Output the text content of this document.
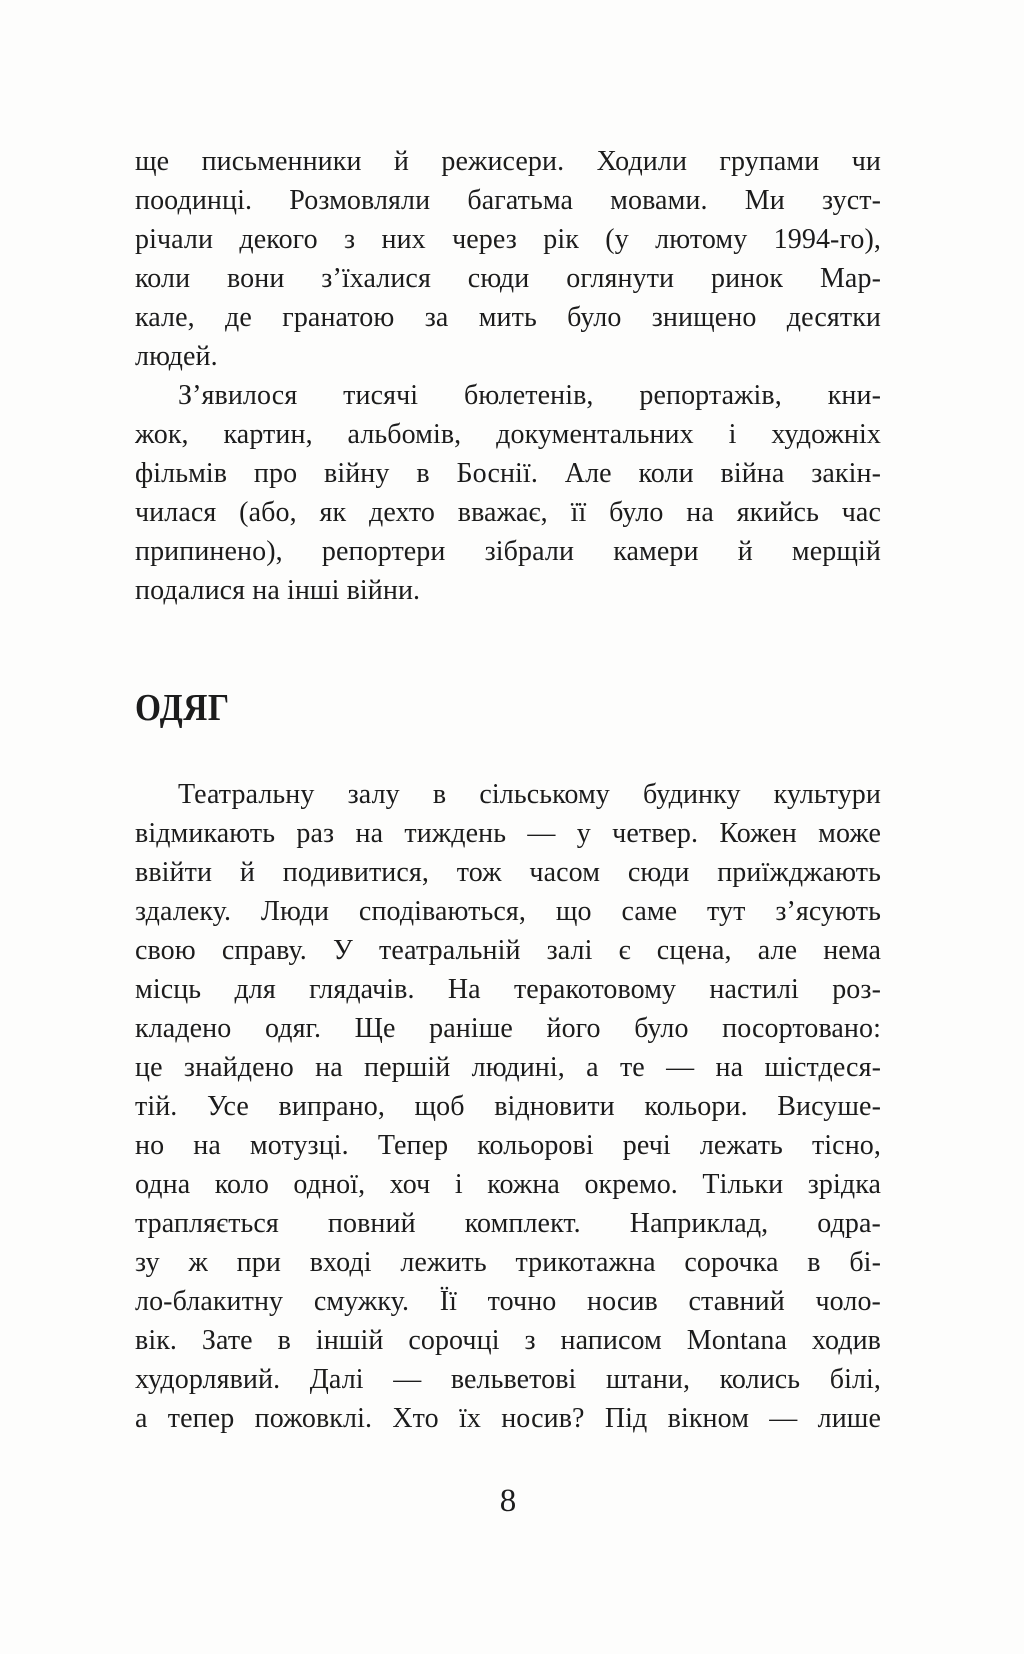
ще письменники й режисери. Ходили групами чи
поодинці. Розмовляли багатьма мовами. Ми зуст-
річали декого з них через рік (у лютому 1994-го),
коли вони з’їхалися сюди оглянути ринок Мар-
кале, де гранатою за мить було знищено десятки
людей.
З’явилося тисячі бюлетенів, репортажів, кни-
жок, картин, альбомів, документальних і художніх
фільмів про війну в Боснії. Але коли війна закін-
чилася (або, як дехто вважає, її було на якийсь час
припинено), репортери зібрали камери й мерщій
подалися на інші війни.
ОДЯГ
Театральну залу в сільському будинку культури
відмикають раз на тиждень — у четвер. Кожен може
ввійти й подивитися, тож часом сюди приїжджають
здалеку. Люди сподіваються, що саме тут з’ясують
свою справу. У театральній залі є сцена, але нема
місць для глядачів. На теракотовому настилі роз-
кладено одяг. Ще раніше його було посортовано:
це знайдено на першій людині, а те — на шістдеся-
тій. Усе випрано, щоб відновити кольори. Висуше-
но на мотузці. Тепер кольорові речі лежать тісно,
одна коло одної, хоч і кожна окремо. Тільки зрідка
трапляється повний комплект. Наприклад, одра-
зу ж при вході лежить трикотажна сорочка в бі-
ло-блакитну смужку. Її точно носив ставний чоло-
вік. Зате в іншій сорочці з написом Montana ходив
худорлявий. Далі — вельветові штани, колись білі,
а тепер пожовклі. Хто їх носив? Під вікном — лише
8
